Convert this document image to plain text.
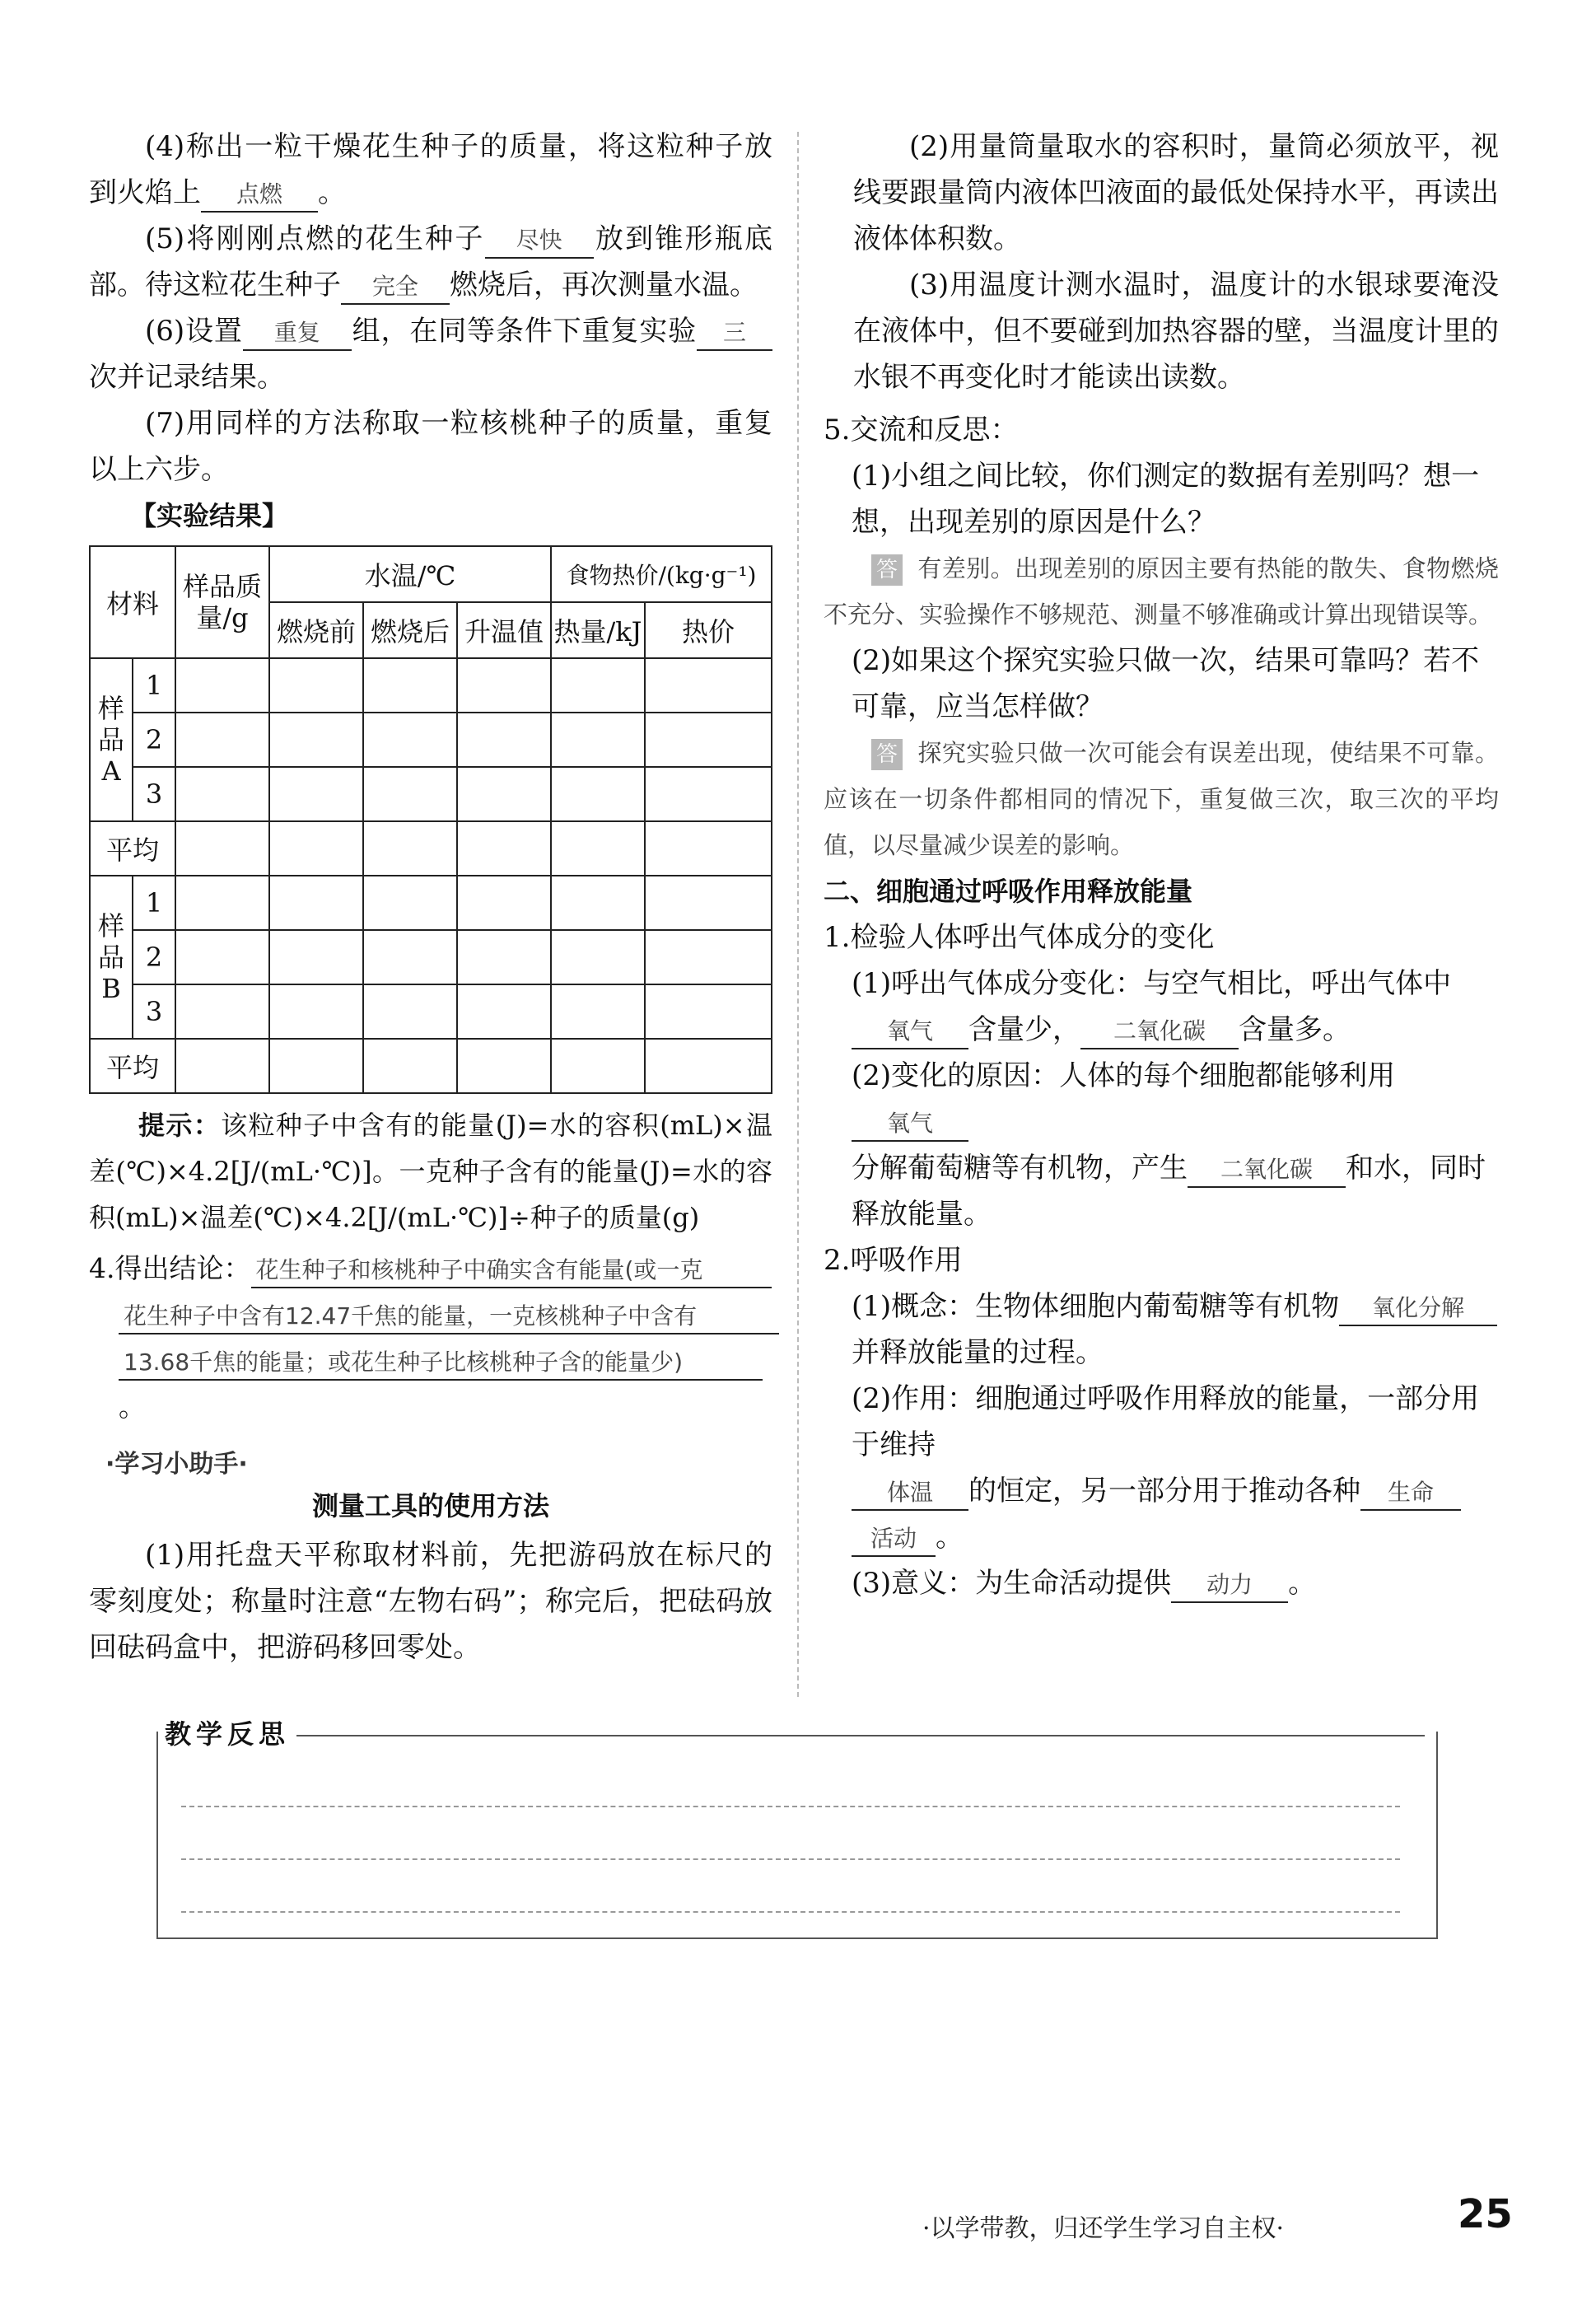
(4)称出一粒干燥花生种子的质量，将这粒种子放到火焰上 点燃 。

(5)将刚刚点燃的花生种子 尽快 放到锥形瓶底部。待这粒花生种子 完全 燃烧后，再次测量水温。

(6)设置 重复 组，在同等条件下重复实验 三次并记录结果。

(7)用同样的方法称取一粒核桃种子的质量，重复以上六步。

【实验结果】

材料		样品质量/g	水温/℃			食物热价/(kg·g⁻¹)	
			燃烧前	燃烧后	升温值	热量/kJ	热价
样品A	1						
	2						
	3						
平均							
样品B	1						
	2						
	3						
平均							

提示：该粒种子中含有的能量(J)=水的容积(mL)×温差(℃)×4.2[J/(mL·℃)]。一克种子含有的能量(J)=水的容积(mL)×温差(℃)×4.2[J/(mL·℃)]÷种子的质量(g)

4.得出结论： 花生种子和核桃种子中确实含有能量(或一克
花生种子中含有12.47千焦的能量，一克核桃种子中含有
13.68千焦的能量；或花生种子比核桃种子含的能量少)。

·学习小助手·

测量工具的使用方法

(1)用托盘天平称取材料前，先把游码放在标尺的零刻度处；称量时注意“左物右码”；称完后，把砝码放回砝码盒中，把游码移回零处。

(2)用量筒量取水的容积时，量筒必须放平，视线要跟量筒内液体凹液面的最低处保持水平，再读出液体体积数。

(3)用温度计测水温时，温度计的水银球要淹没在液体中，但不要碰到加热容器的壁，当温度计里的水银不再变化时才能读出读数。

5.交流和反思：

(1)小组之间比较，你们测定的数据有差别吗？想一想，出现差别的原因是什么？

答 有差别。出现差别的原因主要有热能的散失、食物燃烧不充分、实验操作不够规范、测量不够准确或计算出现错误等。

(2)如果这个探究实验只做一次，结果可靠吗？若不可靠，应当怎样做？

答 探究实验只做一次可能会有误差出现，使结果不可靠。应该在一切条件都相同的情况下，重复做三次，取三次的平均值，以尽量减少误差的影响。

二、细胞通过呼吸作用释放能量

1.检验人体呼出气体成分的变化

(1)呼出气体成分变化：与空气相比，呼出气体中
氧气 含量少， 二氧化碳 含量多。

(2)变化的原因：人体的每个细胞都能够利用氧气
分解葡萄糖等有机物，产生 二氧化碳 和水，同时释放能量。

2.呼吸作用

(1)概念：生物体细胞内葡萄糖等有机物 氧化分解
并释放能量的过程。

(2)作用：细胞通过呼吸作用释放的能量，一部分用于维持
体温 的恒定，另一部分用于推动各种 生命
活动 。

(3)意义：为生命活动提供 动力 。

教学反思
·以学带教，归还学生学习自主权·	25
